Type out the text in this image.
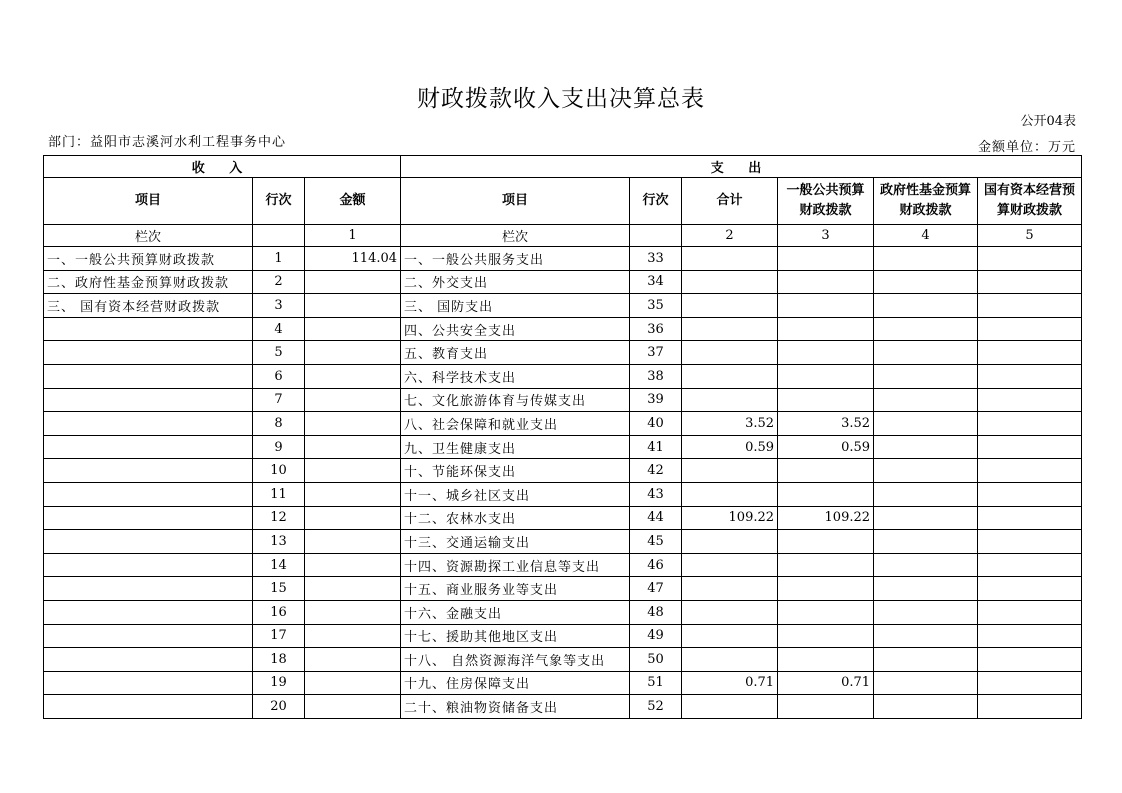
财政拨款收入支出决算总表
公开04表
部门：益阳市志溪河水利工程事务中心	金额单位：万元
收 入			支 出					
项目	行次	金额	项目	行次	合计	一般公共预算财政拨款	政府性基金预算财政拨款	国有资本经营预算财政拨款
栏次		1	栏次		2	3	4	5
一、一般公共预算财政拨款	1	114.04	一、一般公共服务支出	33				
二、政府性基金预算财政拨款	2		二、外交支出	34				
三、 国有资本经营财政拨款	3		三、 国防支出	35				
	4		四、公共安全支出	36				
	5		五、教育支出	37				
	6		六、科学技术支出	38				
	7		七、文化旅游体育与传媒支出	39				
	8		八、社会保障和就业支出	40	3.52	3.52		
	9		九、卫生健康支出	41	0.59	0.59		
	10		十、节能环保支出	42				
	11		十一、城乡社区支出	43				
	12		十二、农林水支出	44	109.22	109.22		
	13		十三、交通运输支出	45				
	14		十四、资源勘探工业信息等支出	46				
	15		十五、商业服务业等支出	47				
	16		十六、金融支出	48				
	17		十七、援助其他地区支出	49				
	18		十八、 自然资源海洋气象等支出	50				
	19		十九、住房保障支出	51	0.71	0.71		
	20		二十、粮油物资储备支出	52				
